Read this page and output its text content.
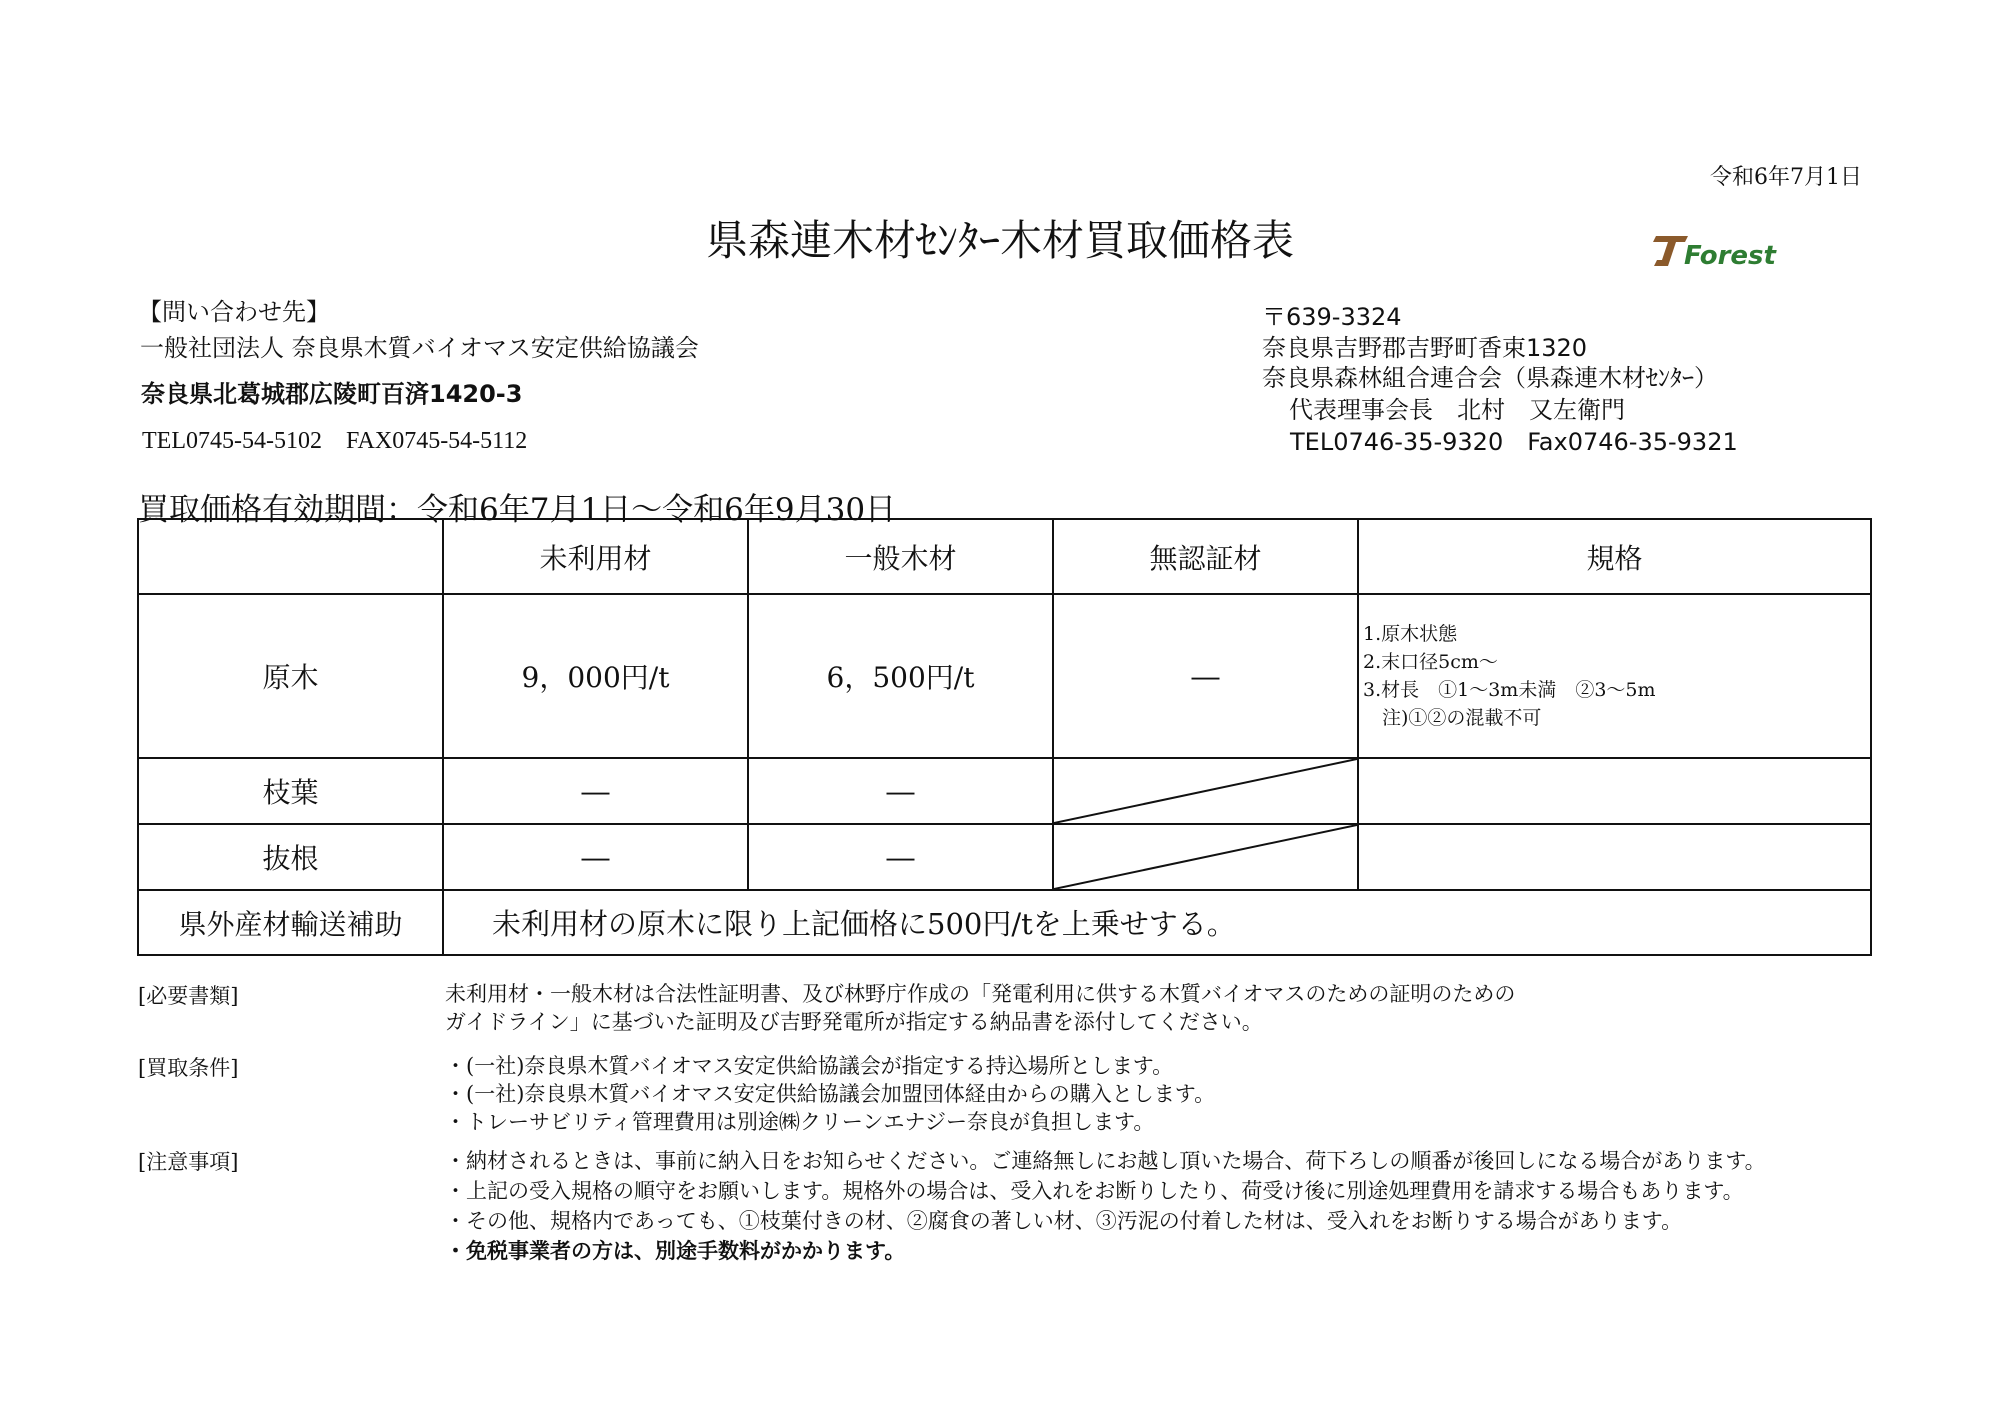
令和6年7月1日
県森連木材ｾﾝﾀｰ木材買取価格表	Forest
【問い合わせ先】
一般社団法人 奈良県木質バイオマス安定供給協議会
奈良県北葛城郡広陵町百済1420-3
TEL0745-54-5102　FAX0745-54-5112
〒639-3324
奈良県吉野郡吉野町香束1320
奈良県森林組合連合会（県森連木材ｾﾝﾀｰ）
代表理事会長　北村　又左衛門
TEL0746-35-9320　Fax0746-35-9321
買取価格有効期間：令和6年7月1日～令和6年9月30日
	未利用材	一般木材	無認証材	規格
原木	9，000円/t	6，500円/t	―	1.原木状態
2.末口径5cm～
3.材長　①1～3m未満　②3～5m
　注)①②の混載不可

枝葉	―	―	

抜根	―	―	

県外産材輸送補助	未利用材の原木に限り上記価格に500円/tを上乗せする。			
[必要書類]	未利用材・一般木材は合法性証明書、及び林野庁作成の「発電利用に供する木質バイオマスのための証明のための
ガイドライン」に基づいた証明及び吉野発電所が指定する納品書を添付してください。
[買取条件]	・(一社)奈良県木質バイオマス安定供給協議会が指定する持込場所とします。
・(一社)奈良県木質バイオマス安定供給協議会加盟団体経由からの購入とします。
・トレーサビリティ管理費用は別途㈱クリーンエナジー奈良が負担します。
[注意事項]	・納材されるときは、事前に納入日をお知らせください。ご連絡無しにお越し頂いた場合、荷下ろしの順番が後回しになる場合があります。
・上記の受入規格の順守をお願いします。規格外の場合は、受入れをお断りしたり、荷受け後に別途処理費用を請求する場合もあります。
・その他、規格内であっても、①枝葉付きの材、②腐食の著しい材、③汚泥の付着した材は、受入れをお断りする場合があります。
・免税事業者の方は、別途手数料がかかります。
